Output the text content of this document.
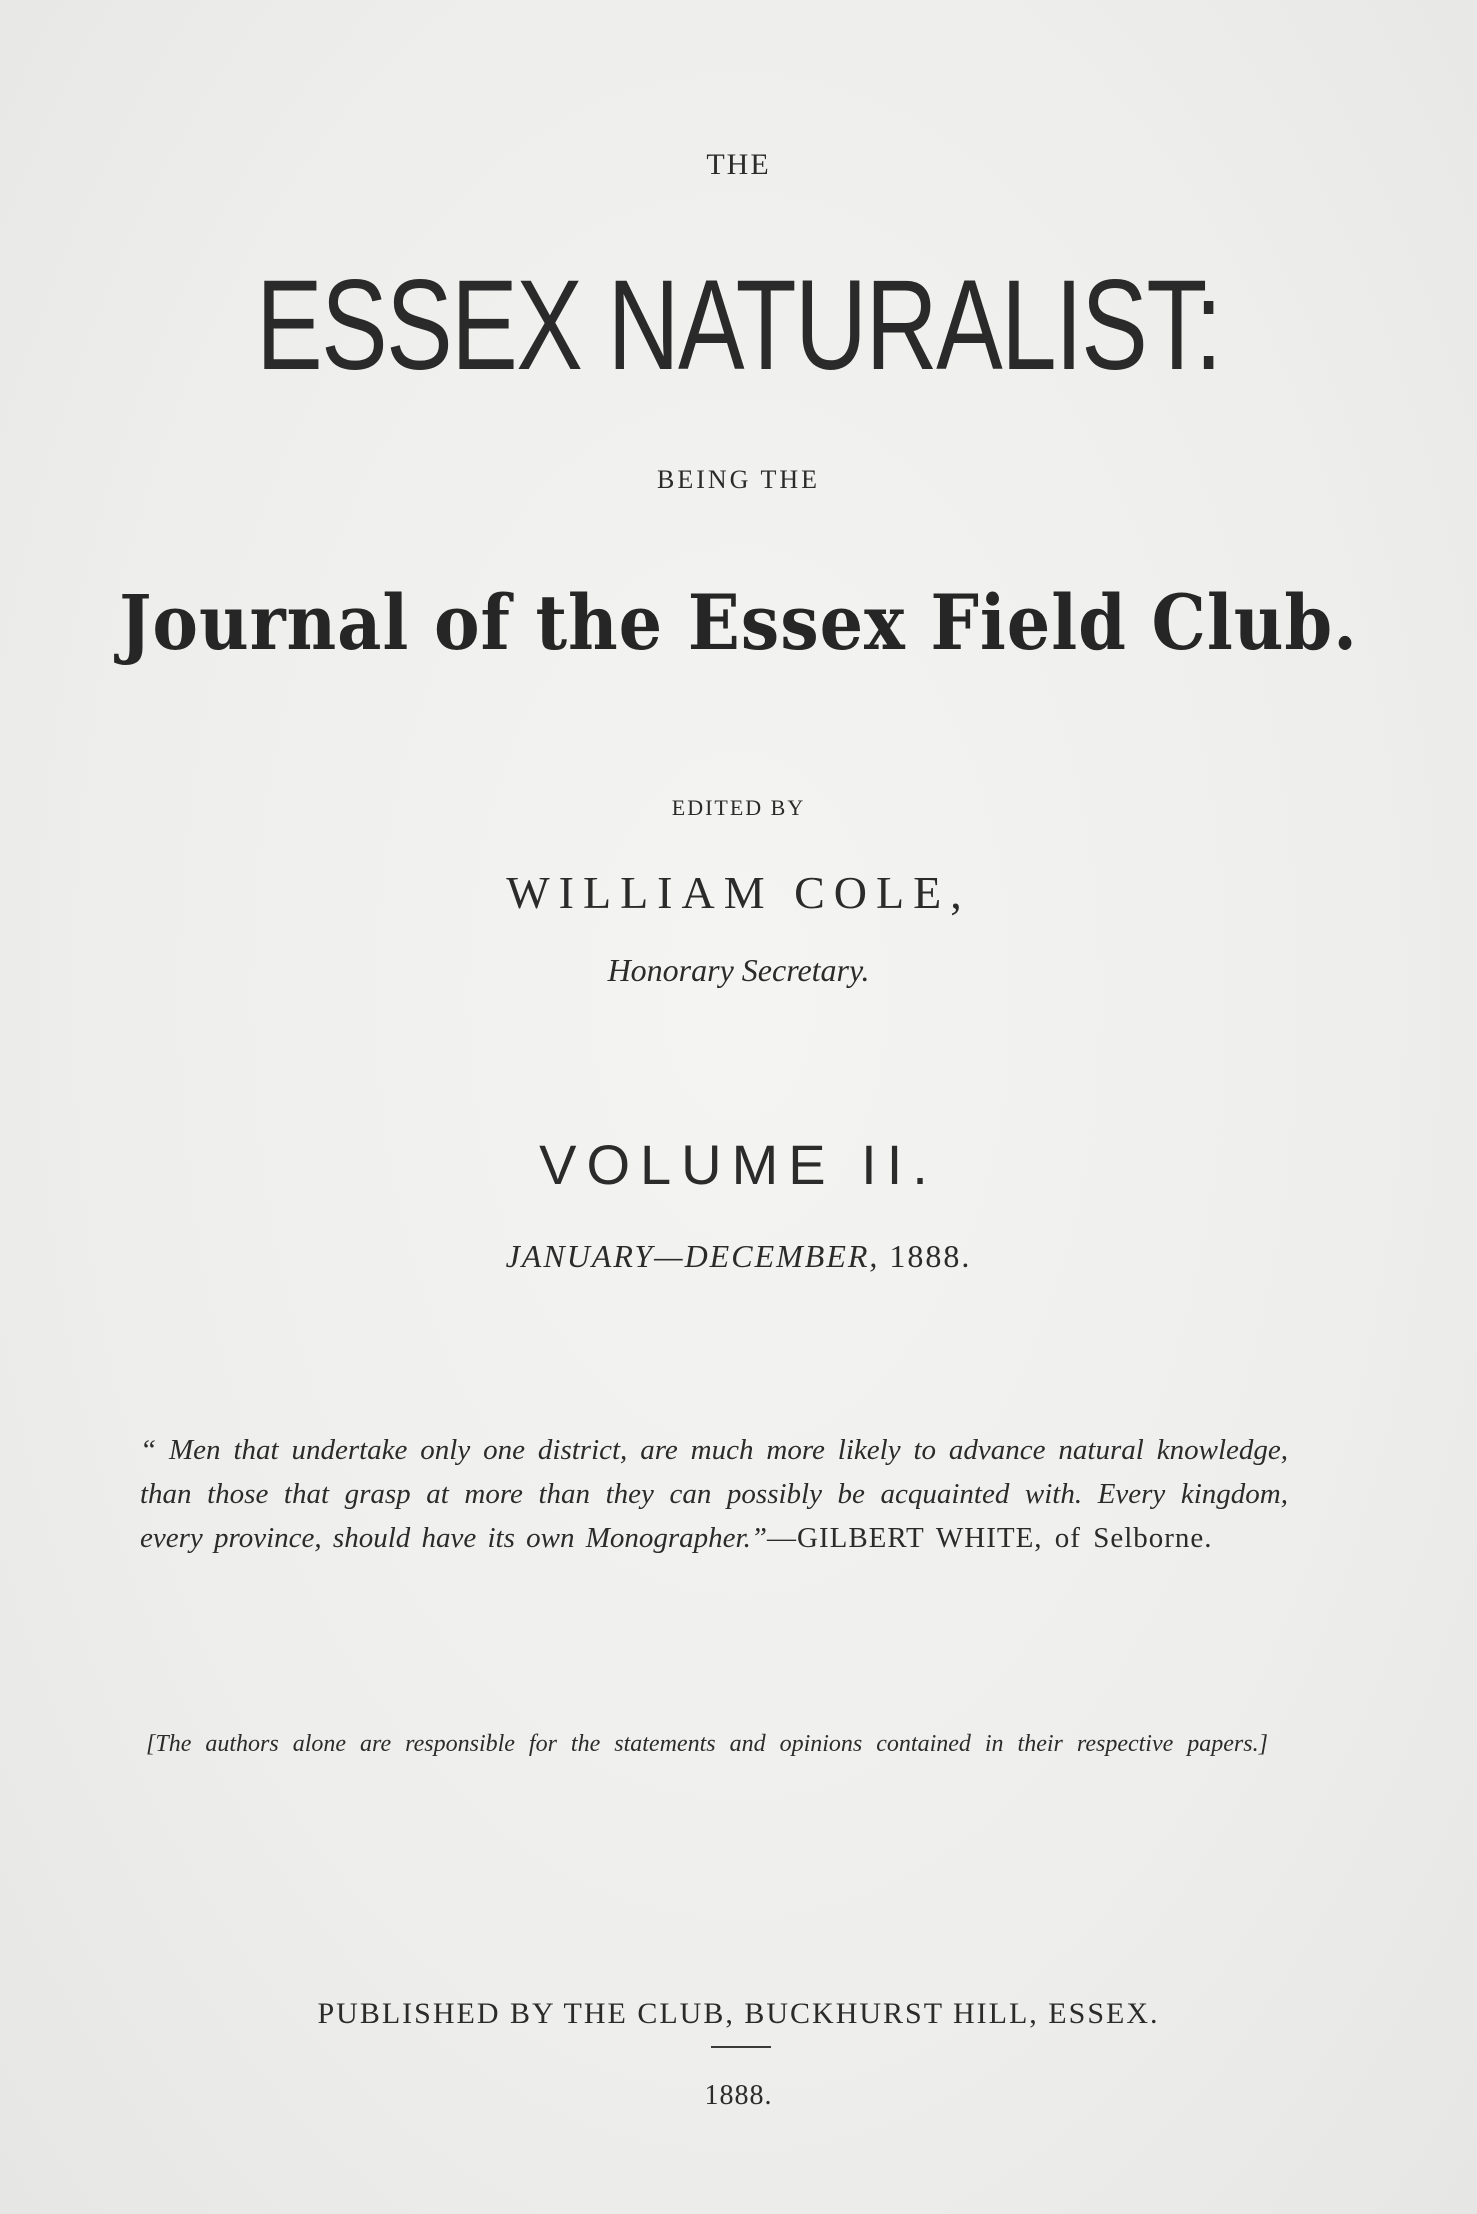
THE
ESSEX NATURALIST:
BEING THE
Journal of the Essex Field Club.
EDITED BY
WILLIAM COLE,
Honorary Secretary.
VOLUME II.
JANUARY—DECEMBER, 1888.
“ Men that undertake only one district, are much more likely to advance natural knowledge, than those that grasp at more than they can possibly be acquainted with. Every kingdom, every province, should have its own Monographer.”—GILBERT WHITE, of Selborne.
[The authors alone are responsible for the statements and opinions contained in their respective papers.]
PUBLISHED BY THE CLUB, BUCKHURST HILL, ESSEX.
1888.
